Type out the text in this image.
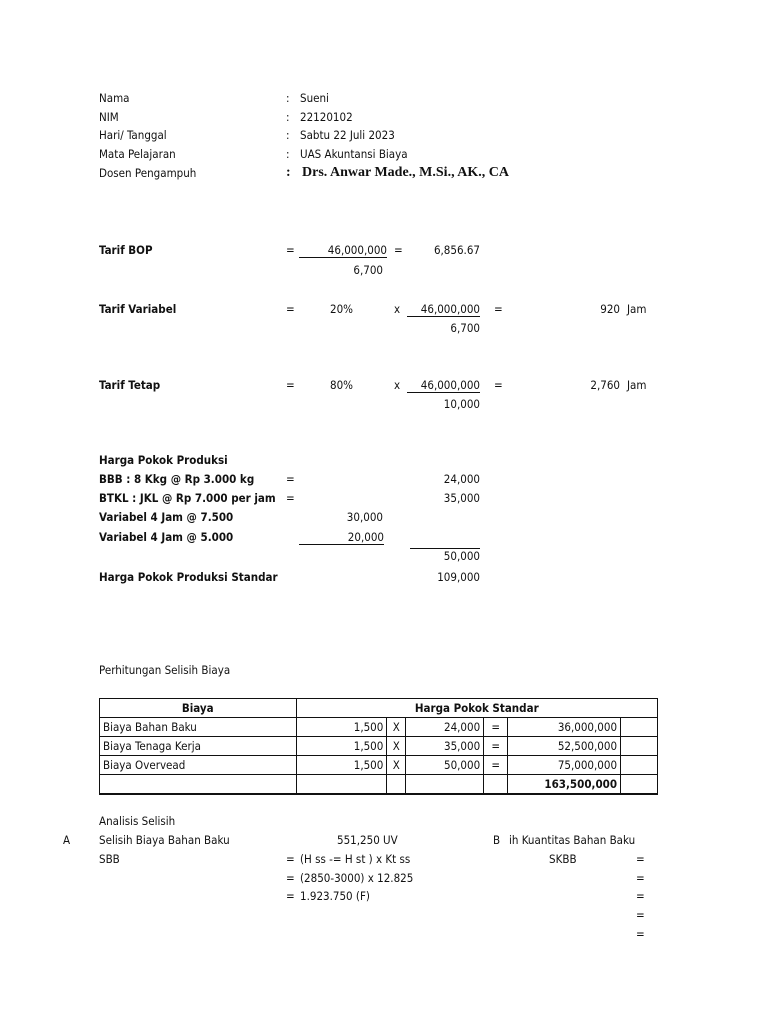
Nama	: Sueni
NIM	: 22120102
Hari/ Tanggal	: Sabtu 22 Juli 2023
Mata Pelajaran	: UAS Akuntansi Biaya
Dosen Pengampuh	: Drs. Anwar Made., M.Si., AK., CA
Tarif BOP	=	46,000,000 =	6,856.67
6,700
Tarif Variabel	=	20%	x	46,000,000 =	920 Jam
6,700
Tarif Tetap	=	80%	x	46,000,000 =	2,760 Jam
10,000
Harga Pokok Produksi
BBB : 8 Kkg @ Rp 3.000 kg	=	24,000
BTKL : JKL @ Rp 7.000 per jam =	35,000
Variabel 4 Jam @ 7.500	30,000
Variabel 4 Jam @ 5.000	20,000
50,000
Harga Pokok Produksi Standar	109,000
Perhitungan Selisih Biaya
Biaya	Harga Pokok Standar					
Biaya Bahan Baku	1,500	X	24,000	=	36,000,000	
Biaya Tenaga Kerja	1,500	X	35,000	=	52,500,000	
Biaya Overvead	1,500	X	50,000	=	75,000,000	
					163,500,000	
Analisis Selisih
A	Selisih Biaya Bahan Baku	551,250 UV	B ih Kuantitas Bahan Baku
SBB	= (H ss -= H st ) x Kt ss	SKBB	=
= (2850-3000) x 12.825	=
= 1.923.750 (F)	=
=
=
